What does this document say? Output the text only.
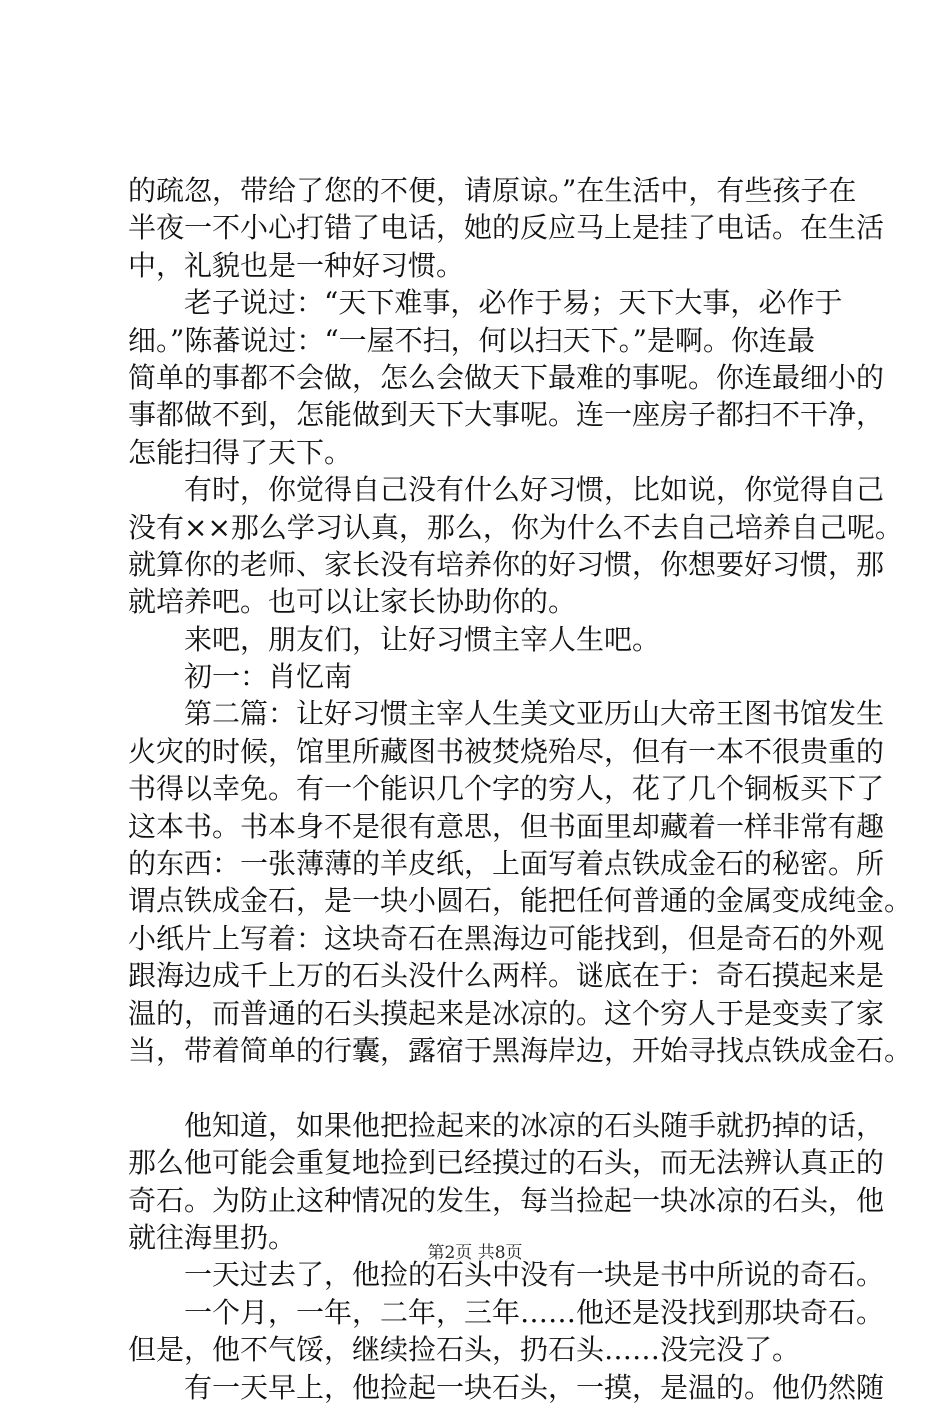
的疏忽，带给了您的不便，请原谅。”在生活中，有些孩子在
半夜一不小心打错了电话，她的反应马上是挂了电话。在生活
中，礼貌也是一种好习惯。
　　老子说过：“天下难事，必作于易；天下大事，必作于
细。”陈蕃说过：“一屋不扫，何以扫天下。”是啊。你连最
简单的事都不会做，怎么会做天下最难的事呢。你连最细小的
事都做不到，怎能做到天下大事呢。连一座房子都扫不干净，
怎能扫得了天下。
　　有时，你觉得自己没有什么好习惯，比如说，你觉得自己
没有××那么学习认真，那么，你为什么不去自己培养自己呢。
就算你的老师、家长没有培养你的好习惯，你想要好习惯，那
就培养吧。也可以让家长协助你的。
　　来吧，朋友们，让好习惯主宰人生吧。
　　初一：肖忆南
　　第二篇：让好习惯主宰人生美文亚历山大帝王图书馆发生
火灾的时候，馆里所藏图书被焚烧殆尽，但有一本不很贵重的
书得以幸免。有一个能识几个字的穷人，花了几个铜板买下了
这本书。书本身不是很有意思，但书面里却藏着一样非常有趣
的东西：一张薄薄的羊皮纸，上面写着点铁成金石的秘密。所
谓点铁成金石，是一块小圆石，能把任何普通的金属变成纯金。
小纸片上写着：这块奇石在黑海边可能找到，但是奇石的外观
跟海边成千上万的石头没什么两样。谜底在于：奇石摸起来是
温的，而普通的石头摸起来是冰凉的。这个穷人于是变卖了家
当，带着简单的行囊，露宿于黑海岸边，开始寻找点铁成金石。
　　他知道，如果他把捡起来的冰凉的石头随手就扔掉的话，
那么他可能会重复地捡到已经摸过的石头，而无法辨认真正的
奇石。为防止这种情况的发生，每当捡起一块冰凉的石头，他
就往海里扔。
　　一天过去了，他捡的石头中没有一块是书中所说的奇石。
　　一个月，一年，二年，三年……他还是没找到那块奇石。
但是，他不气馁，继续捡石头，扔石头……没完没了。
　　有一天早上，他捡起一块石头，一摸，是温的。他仍然随
第2页 共8页
